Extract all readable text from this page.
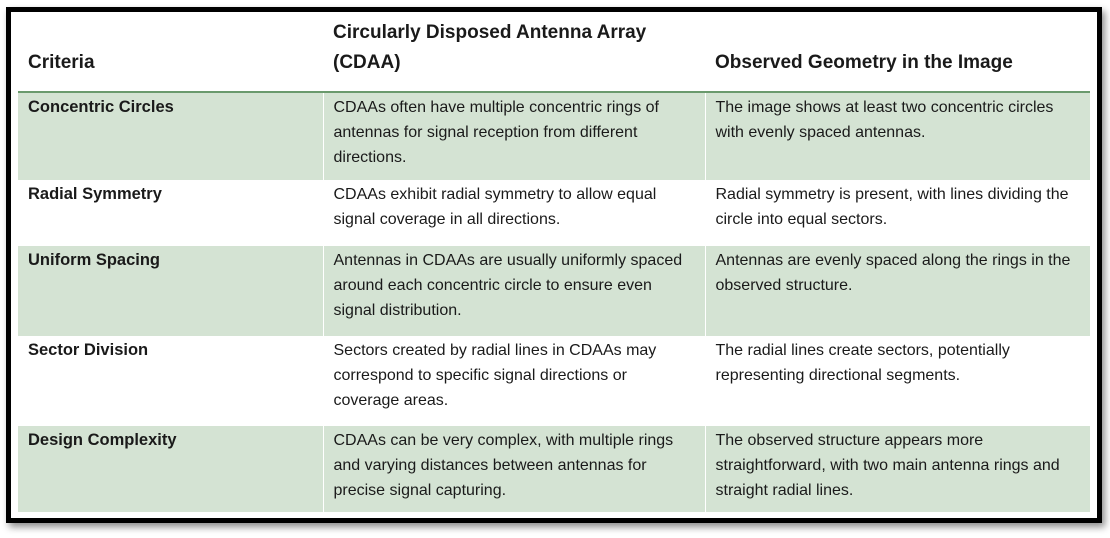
Criteria	Circularly Disposed Antenna Array (CDAA)	Observed Geometry in the Image
Concentric Circles	CDAAs often have multiple concentric rings of antennas for signal reception from different directions.	The image shows at least two concentric circles with evenly spaced antennas.
Radial Symmetry	CDAAs exhibit radial symmetry to allow equal signal coverage in all directions.	Radial symmetry is present, with lines dividing the circle into equal sectors.
Uniform Spacing	Antennas in CDAAs are usually uniformly spaced around each concentric circle to ensure even signal distribution.	Antennas are evenly spaced along the rings in the observed structure.
Sector Division	Sectors created by radial lines in CDAAs may correspond to specific signal directions or coverage areas.	The radial lines create sectors, potentially representing directional segments.
Design Complexity	CDAAs can be very complex, with multiple rings and varying distances between antennas for precise signal capturing.	The observed structure appears more straightforward, with two main antenna rings and straight radial lines.
